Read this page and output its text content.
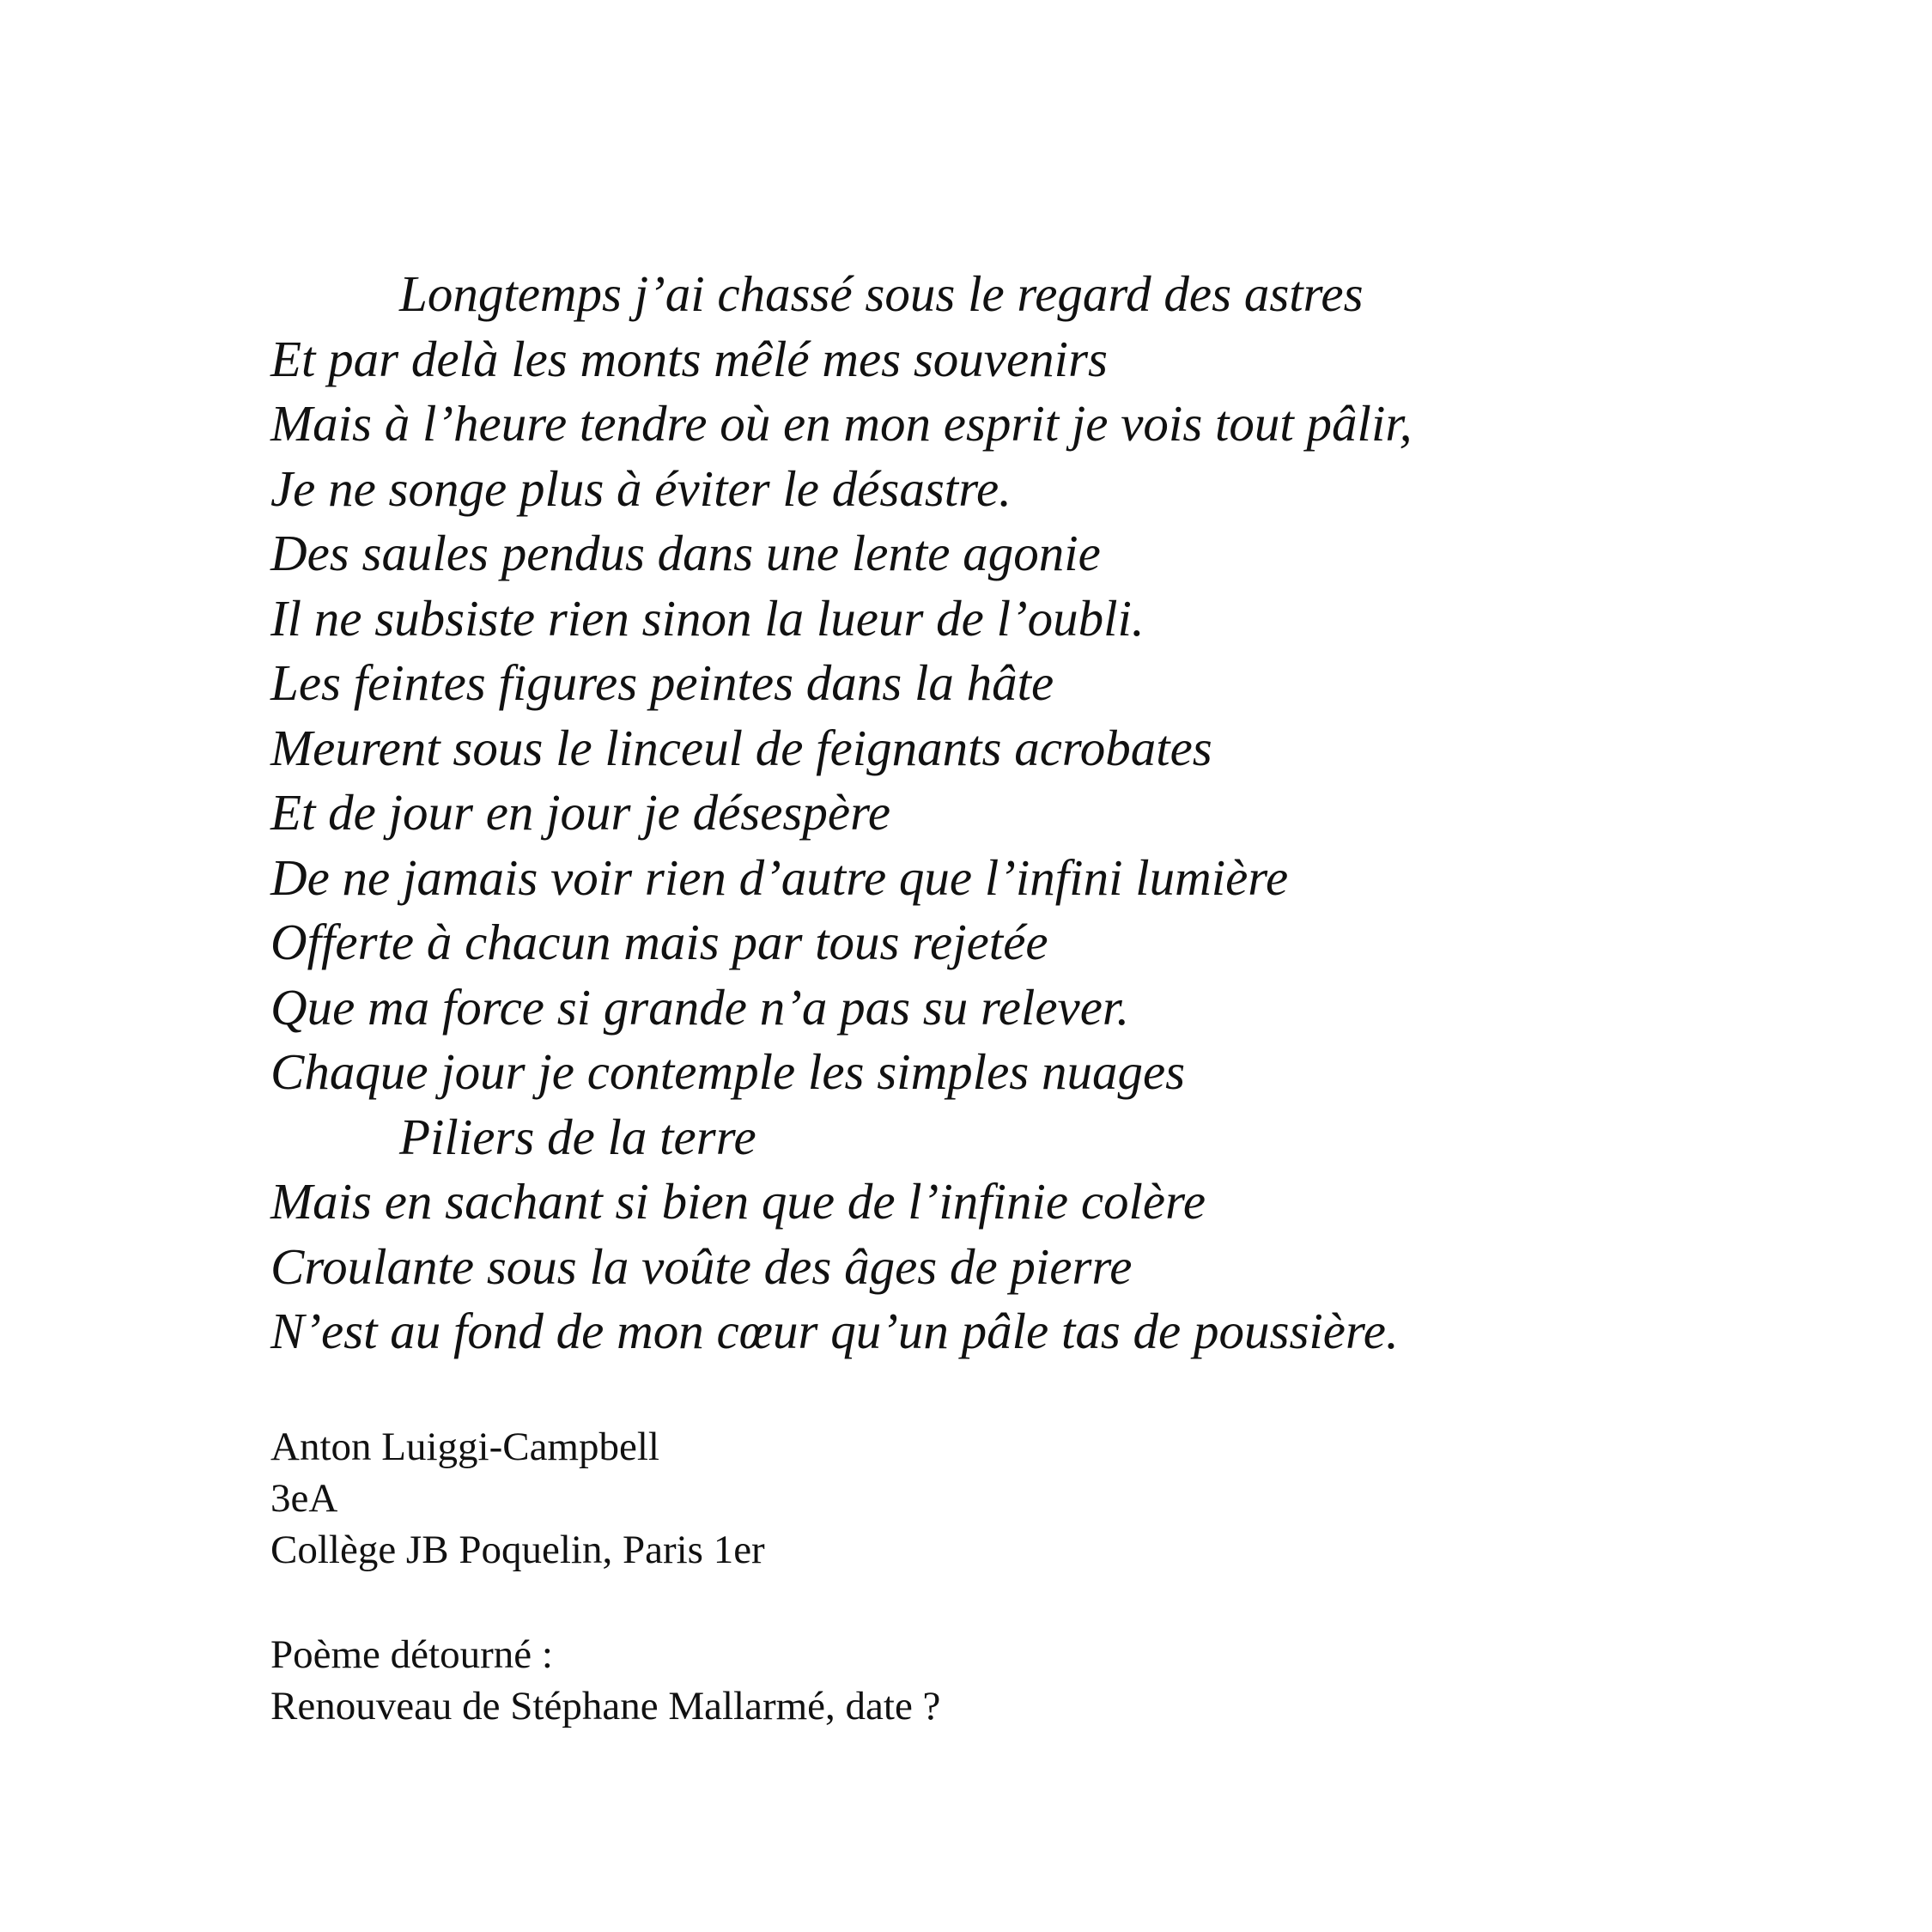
Longtemps j’ai chassé sous le regard des astres
Et par delà les monts mêlé mes souvenirs
Mais à l’heure tendre où en mon esprit je vois tout pâlir,
Je ne songe plus à éviter le désastre.
Des saules pendus dans une lente agonie
Il ne subsiste rien sinon la lueur de l’oubli.
Les feintes figures peintes dans la hâte
Meurent sous le linceul de feignants acrobates
Et de jour en jour je désespère
De ne jamais voir rien d’autre que l’infini lumière
Offerte à chacun mais par tous rejetée
Que ma force si grande n’a pas su relever.
Chaque jour je contemple les simples nuages
Piliers de la terre
Mais en sachant si bien que de l’infinie colère
Croulante sous la voûte des âges de pierre
N’est au fond de mon cœur qu’un pâle tas de poussière.
Anton Luiggi-Campbell
3eA
Collège JB Poquelin, Paris 1er
Poème détourné :
Renouveau de Stéphane Mallarmé, date ?
